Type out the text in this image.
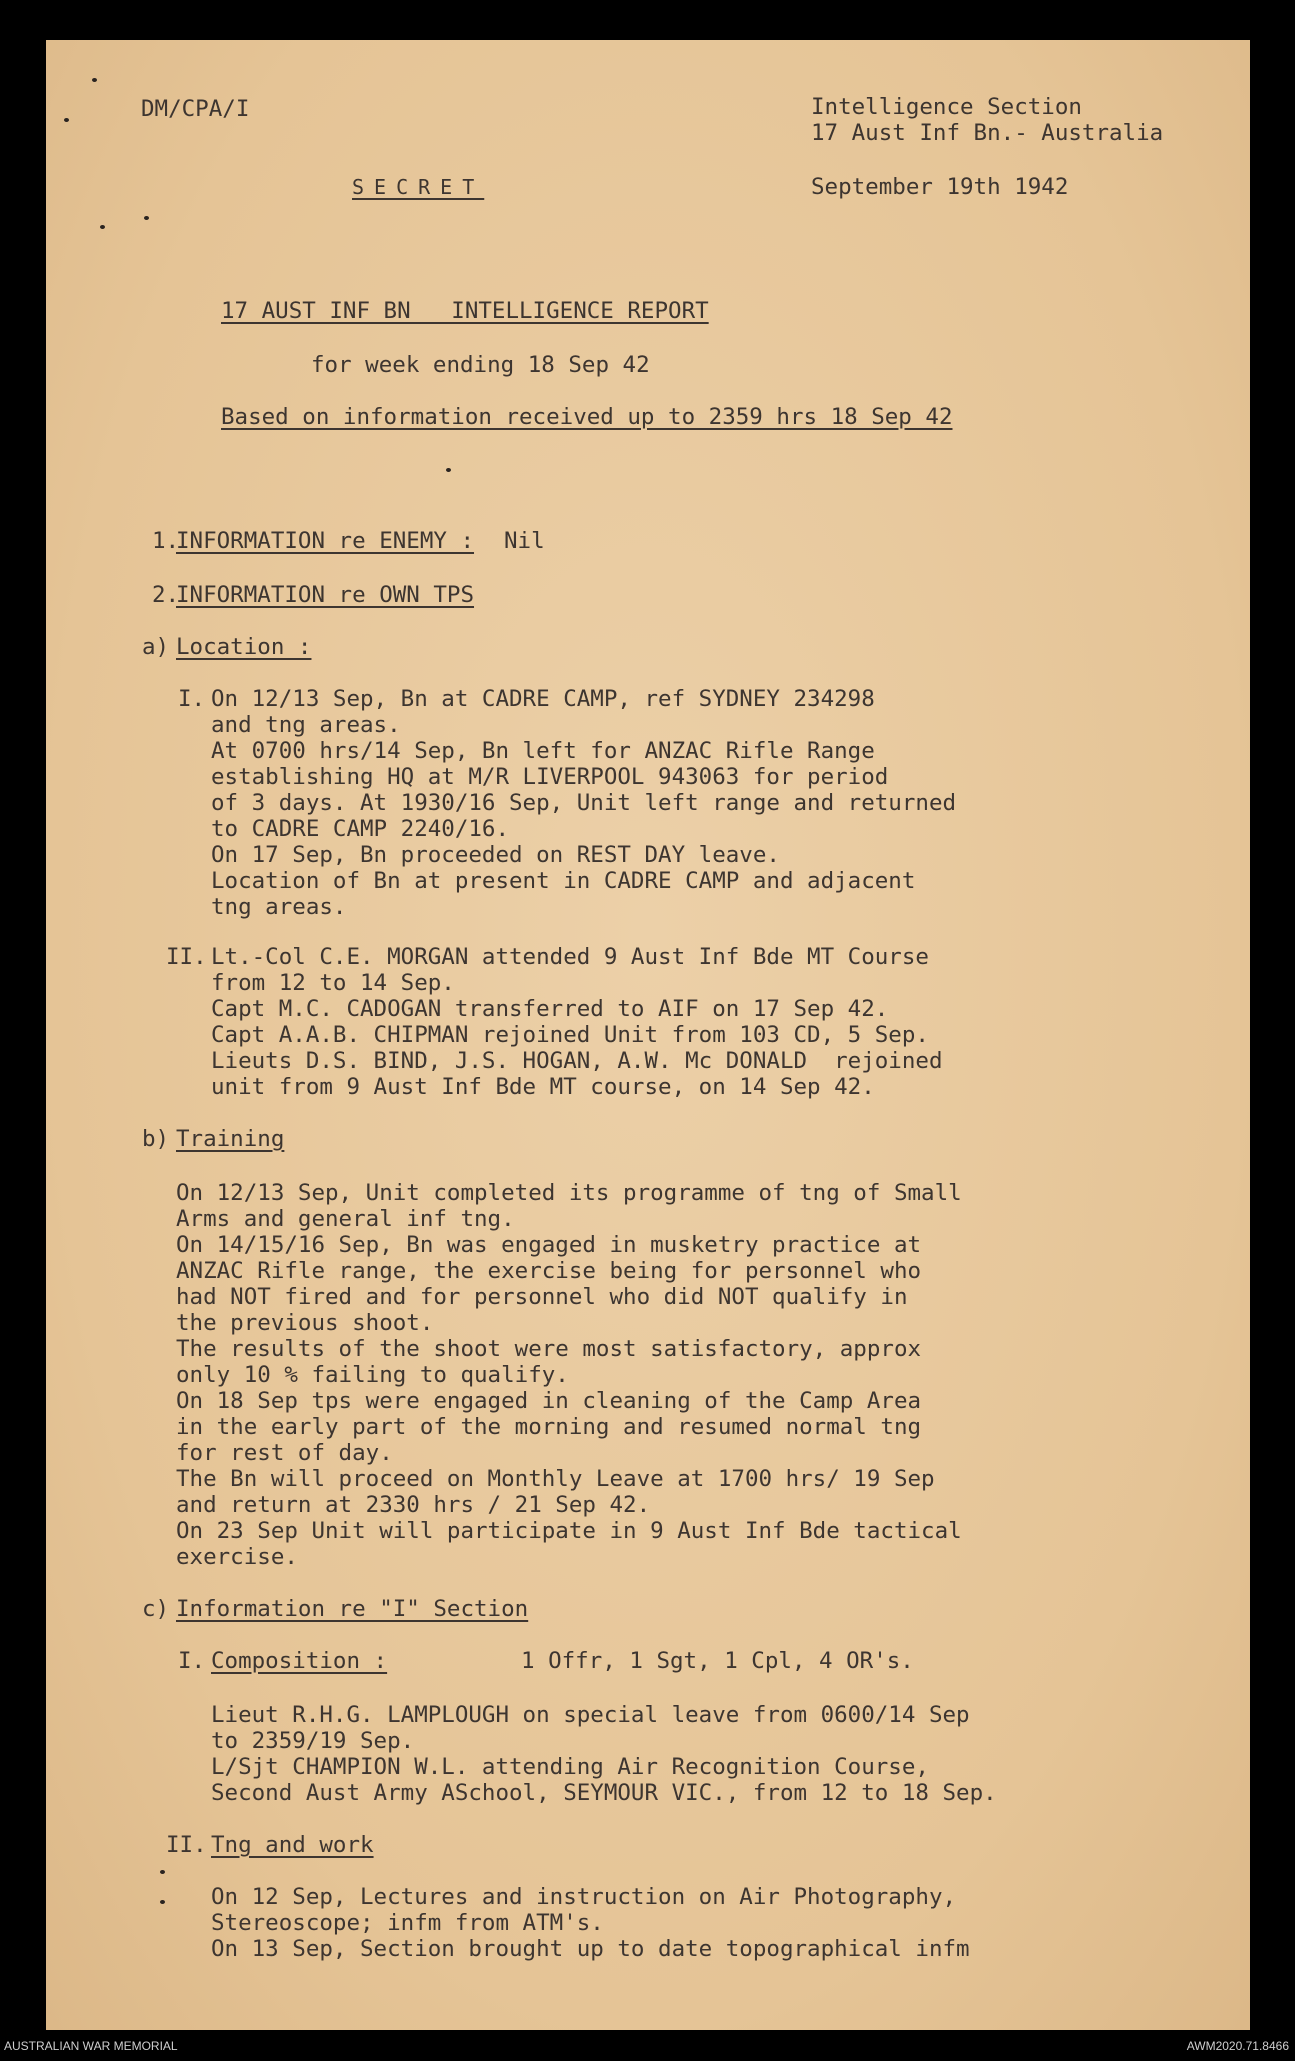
DM/CPA/I	Intelligence Section
17 Aust Inf Bn.- Australia
SECRET	September 19th 1942
17 AUST INF BN   INTELLIGENCE REPORT
for week ending 18 Sep 42
Based on information received up to 2359 hrs 18 Sep 42
1.
INFORMATION re ENEMY : Nil
2.
INFORMATION re OWN TPS
a) Location :
I. On 12/13 Sep, Bn at CADRE CAMP, ref SYDNEY 234298
and tng areas.
At 0700 hrs/14 Sep, Bn left for ANZAC Rifle Range
establishing HQ at M/R LIVERPOOL 943063 for period
of 3 days. At 1930/16 Sep, Unit left range and returned
to CADRE CAMP 2240/16.
On 17 Sep, Bn proceeded on REST DAY leave.
Location of Bn at present in CADRE CAMP and adjacent
tng areas.
II. Lt.-Col C.E. MORGAN attended 9 Aust Inf Bde MT Course
from 12 to 14 Sep.
Capt M.C. CADOGAN transferred to AIF on 17 Sep 42.
Capt A.A.B. CHIPMAN rejoined Unit from 103 CD, 5 Sep.
Lieuts D.S. BIND, J.S. HOGAN, A.W. Mc DONALD  rejoined
unit from 9 Aust Inf Bde MT course, on 14 Sep 42.
b) Training
On 12/13 Sep, Unit completed its programme of tng of Small
Arms and general inf tng.
On 14/15/16 Sep, Bn was engaged in musketry practice at
ANZAC Rifle range, the exercise being for personnel who
had NOT fired and for personnel who did NOT qualify in
the previous shoot.
The results of the shoot were most satisfactory, approx
only 10 % failing to qualify.
On 18 Sep tps were engaged in cleaning of the Camp Area
in the early part of the morning and resumed normal tng
for rest of day.
The Bn will proceed on Monthly Leave at 1700 hrs/ 19 Sep
and return at 2330 hrs / 21 Sep 42.
On 23 Sep Unit will participate in 9 Aust Inf Bde tactical
exercise.
c) Information re "I" Section
I. Composition :	1 Offr, 1 Sgt, 1 Cpl, 4 OR's.
Lieut R.H.G. LAMPLOUGH on special leave from 0600/14 Sep
to 2359/19 Sep.
L/Sjt CHAMPION W.L. attending Air Recognition Course,
Second Aust Army ASchool, SEYMOUR VIC., from 12 to 18 Sep.
II. Tng and work
On 12 Sep, Lectures and instruction on Air Photography,
Stereoscope; infm from ATM's.
On 13 Sep, Section brought up to date topographical infm
AUSTRALIAN WAR MEMORIAL	AWM2020.71.8466
